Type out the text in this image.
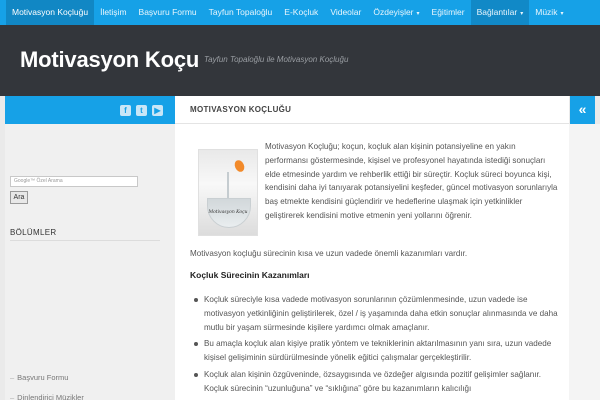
Motivasyon Koçluğu	İletişim	Başvuru Formu	Tayfun Topaloğlu	E-Koçluk	Videolar	Özdeyişler ▾	Eğitimler	Bağlantılar ▾	Müzik ▾
Motivasyon Koçu Tayfun Topaloğlu ile Motivasyon Koçluğu
f	t	▶
Google™ Özel Arama
Ara
BÖLÜMLER
– Başvuru Formu
– Dinlendirici Müzikler
MOTIVASYON KOÇLUĞU	«
Motivasyon Koçu
Motivasyon Koçluğu; koçun, koçluk alan kişinin potansiyeline en yakın performansı göstermesinde, kişisel ve profesyonel hayatında istediği sonuçları elde etmesinde yardım ve rehberlik ettiği bir süreçtir. Koçluk süreci boyunca kişi, kendisini daha iyi tanıyarak potansiyelini keşfeder, güncel motivasyon sorunlarıyla baş etmekte kendisini güçlendirir ve hedeflerine ulaşmak için yetkinlikler geliştirerek kendisini motive etmenin yeni yollarını öğrenir.
Motivasyon koçluğu sürecinin kısa ve uzun vadede önemli kazanımları vardır.
Koçluk Sürecinin Kazanımları
Koçluk süreciyle kısa vadede motivasyon sorunlarının çözümlenmesinde, uzun vadede ise motivasyon yetkinliğinin geliştirilerek, özel / iş yaşamında daha etkin sonuçlar alınmasında ve daha mutlu bir yaşam sürmesinde kişilere yardımcı olmak amaçlanır.
Bu amaçla koçluk alan kişiye pratik yöntem ve tekniklerinin aktarılmasının yanı sıra, uzun vadede kişisel gelişiminin sürdürülmesinde yönelik eğitici çalışmalar gerçekleştirilir.
Koçluk alan kişinin özgüveninde, özsaygısında ve özdeğer algısında pozitif gelişimler sağlanır. Koçluk sürecinin “uzunluğuna” ve “sıklığına” göre bu kazanımların kalıcılığı
